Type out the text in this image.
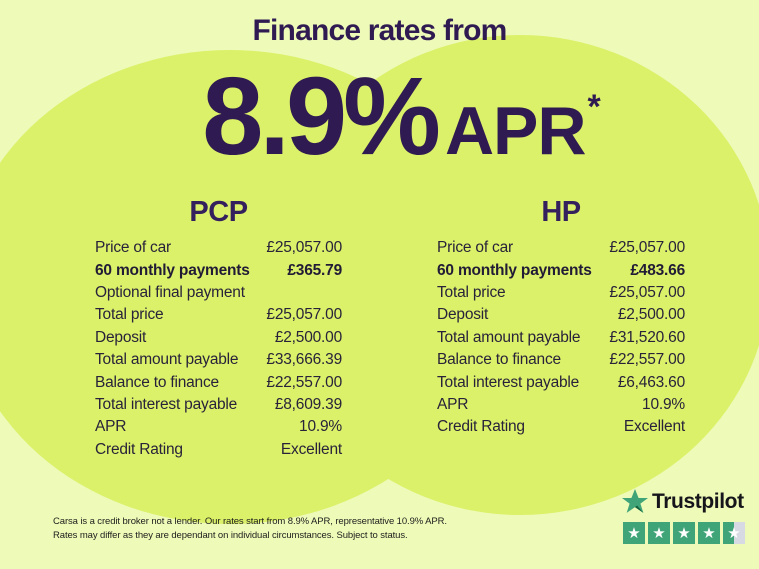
Finance rates from
8.9% APR *
PCP	HP
Price of car	£25,057.00
60 monthly payments £365.79
Optional final payment
Total price	£25,057.00
Deposit	£2,500.00
Total amount payable £33,666.39
Balance to finance	£22,557.00
Total interest payable £8,609.39
APR	10.9%
Credit Rating	Excellent
Price of car	£25,057.00
60 monthly payments £483.66
Total price	£25,057.00
Deposit	£2,500.00
Total amount payable £31,520.60
Balance to finance	£22,557.00
Total interest payable	£6,463.60
APR	10.9%
Credit Rating	Excellent
Carsa is a credit broker not a lender. Our rates start from 8.9% APR, representative 10.9% APR.
Rates may differ as they are dependant on individual circumstances. Subject to status.
Trustpilot
★ ★ ★ ★ ★
